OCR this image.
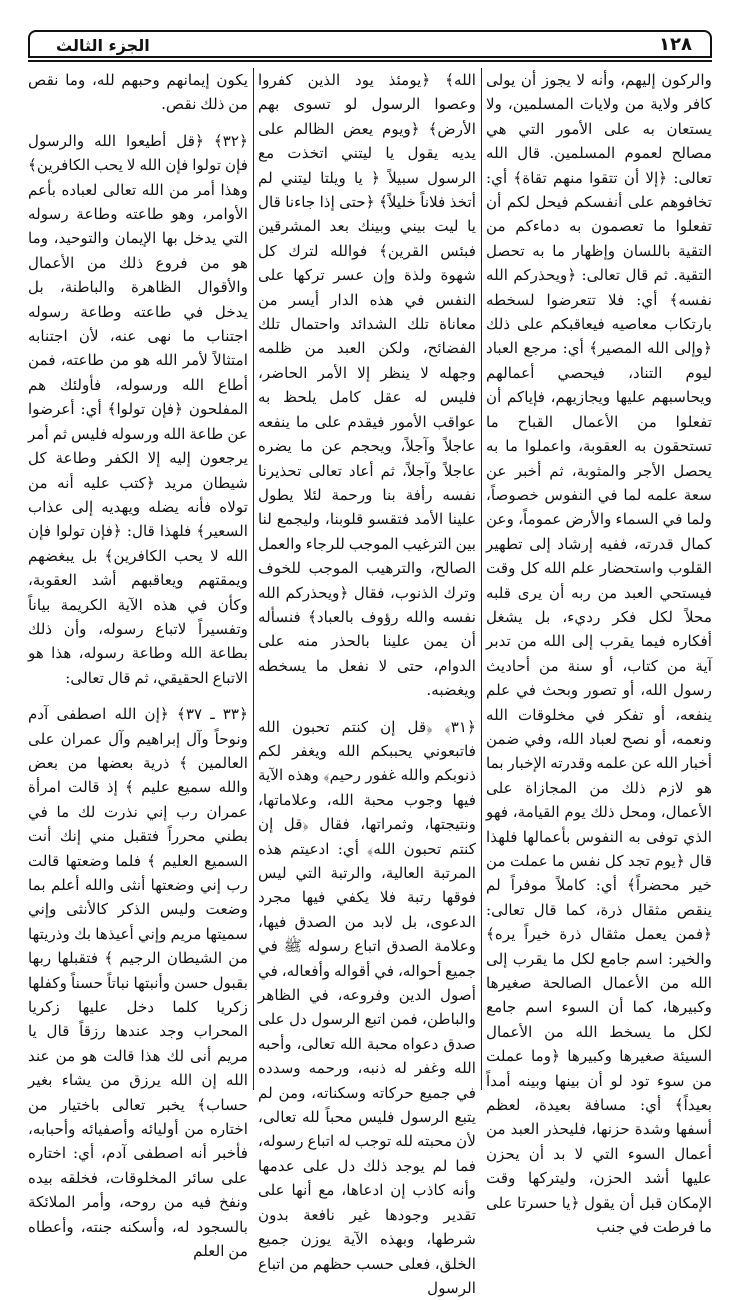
١٢٨
الجزء الثالث

والركون إليهم، وأنه لا يجوز أن يولى كافر ولاية من ولايات المسلمين، ولا يستعان به على الأمور التي هي مصالح لعموم المسلمين. قال الله تعالى: ﴿إلا أن تتقوا منهم تقاة﴾ أي: تخافوهم على أنفسكم فيحل لكم أن تفعلوا ما تعصمون به دماءكم من التقية باللسان وإظهار ما به تحصل التقية. ثم قال تعالى: ﴿ويحذركم الله نفسه﴾ أي: فلا تتعرضوا لسخطه بارتكاب معاصيه فيعاقبكم على ذلك ﴿وإلى الله المصير﴾ أي: مرجع العباد ليوم التناد، فيحصي أعمالهم ويحاسبهم عليها ويجازيهم، فإياكم أن تفعلوا من الأعمال القباح ما تستحقون به العقوبة، واعملوا ما به يحصل الأجر والمثوبة، ثم أخبر عن سعة علمه لما في النفوس خصوصاً، ولما في السماء والأرض عموماً، وعن كمال قدرته، ففيه إرشاد إلى تطهير القلوب واستحضار علم الله كل وقت فيستحي العبد من ربه أن يرى قلبه محلاً لكل فكر رديء، بل يشغل أفكاره فيما يقرب إلى الله من تدبر آية من كتاب، أو سنة من أحاديث رسول الله، أو تصور وبحث في علم ينفعه، أو تفكر في مخلوقات الله ونعمه، أو نصح لعباد الله، وفي ضمن أخبار الله عن علمه وقدرته الإخبار بما هو لازم ذلك من المجازاة على الأعمال، ومحل ذلك يوم القيامة، فهو الذي توفى به النفوس بأعمالها فلهذا قال ﴿يوم تجد كل نفس ما عملت من خير محضراً﴾ أي: كاملاً موفراً لم ينقص مثقال ذرة، كما قال تعالى: ﴿فمن يعمل مثقال ذرة خيراً يره﴾ والخير: اسم جامع لكل ما يقرب إلى الله من الأعمال الصالحة صغيرها وكبيرها، كما أن السوء اسم جامع لكل ما يسخط الله من الأعمال السيئة صغيرها وكبيرها ﴿وما عملت من سوء تود لو أن بينها وبينه أمداً بعيداً﴾ أي: مسافة بعيدة، لعظم أسفها وشدة حزنها، فليحذر العبد من أعمال السوء التي لا بد أن يحزن عليها أشد الحزن، وليتركها وقت الإمكان قبل أن يقول ﴿يا حسرتا على ما فرطت في جنب

الله﴾ ﴿يومئذ يود الذين كفروا وعصوا الرسول لو تسوى بهم الأرض﴾ ﴿ويوم يعض الظالم على يديه يقول يا ليتني اتخذت مع الرسول سبيلاً ﴿ يا ويلتا ليتني لم أتخذ فلاناً خليلاً﴾ ﴿حتى إذا جاءنا قال يا ليت بيني وبينك بعد المشرقين فبئس القرين﴾ فوالله لترك كل شهوة ولذة وإن عسر تركها على النفس في هذه الدار أيسر من معاناة تلك الشدائد واحتمال تلك الفضائح، ولكن العبد من ظلمه وجهله لا ينظر إلا الأمر الحاضر، فليس له عقل كامل يلحظ به عواقب الأمور فيقدم على ما ينفعه عاجلاً وآجلاً، ويحجم عن ما يضره عاجلاً وآجلاً، ثم أعاد تعالى تحذيرنا نفسه رأفة بنا ورحمة لئلا يطول علينا الأمد فتقسو قلوبنا، وليجمع لنا بين الترغيب الموجب للرجاء والعمل الصالح، والترهيب الموجب للخوف وترك الذنوب، فقال ﴿ويحذركم الله نفسه والله رؤوف بالعباد﴾ فنسأله أن يمن علينا بالحذر منه على الدوام، حتى لا نفعل ما يسخطه ويغضبه.

﴿٣١﴾ ﴿قل إن كنتم تحبون الله فاتبعوني يحببكم الله ويغفر لكم ذنوبكم والله غفور رحيم﴾ وهذه الآية فيها وجوب محبة الله، وعلاماتها، ونتيجتها، وثمراتها، فقال ﴿قل إن كنتم تحبون الله﴾ أي: ادعيتم هذه المرتبة العالية، والرتبة التي ليس فوقها رتبة فلا يكفي فيها مجرد الدعوى، بل لابد من الصدق فيها، وعلامة الصدق اتباع رسوله ﷺ في جميع أحواله، في أقواله وأفعاله، في أصول الدين وفروعه، في الظاهر والباطن، فمن اتبع الرسول دل على صدق دعواه محبة الله تعالى، وأحبه الله وغفر له ذنبه، ورحمه وسدده في جميع حركاته وسكناته، ومن لم يتبع الرسول فليس محباً لله تعالى، لأن محبته لله توجب له اتباع رسوله، فما لم يوجد ذلك دل على عدمها وأنه كاذب إن ادعاها، مع أنها على تقدير وجودها غير نافعة بدون شرطها، وبهذه الآية يوزن جميع الخلق، فعلى حسب حظهم من اتباع الرسول

يكون إيمانهم وحبهم لله، وما نقص من ذلك نقص.

﴿٣٢﴾ ﴿قل أطيعوا الله والرسول فإن تولوا فإن الله لا يحب الكافرين﴾ وهذا أمر من الله تعالى لعباده بأعم الأوامر، وهو طاعته وطاعة رسوله التي يدخل بها الإيمان والتوحيد، وما هو من فروع ذلك من الأعمال والأقوال الظاهرة والباطنة، بل يدخل في طاعته وطاعة رسوله اجتناب ما نهى عنه، لأن اجتنابه امتثالاً لأمر الله هو من طاعته، فمن أطاع الله ورسوله، فأولئك هم المفلحون ﴿فإن تولوا﴾ أي: أعرضوا عن طاعة الله ورسوله فليس ثم أمر يرجعون إليه إلا الكفر وطاعة كل شيطان مريد ﴿كتب عليه أنه من تولاه فأنه يضله ويهديه إلى عذاب السعير﴾ فلهذا قال: ﴿فإن تولوا فإن الله لا يحب الكافرين﴾ بل يبغضهم ويمقتهم ويعاقبهم أشد العقوبة، وكأن في هذه الآية الكريمة بياناً وتفسيراً لاتباع رسوله، وأن ذلك بطاعة الله وطاعة رسوله، هذا هو الاتباع الحقيقي، ثم قال تعالى:

﴿٣٣ ـ ٣٧﴾ ﴿إن الله اصطفى آدم ونوحاً وآل إبراهيم وآل عمران على العالمين ﴾ ذرية بعضها من بعض والله سميع عليم ﴾ إذ قالت امرأة عمران رب إني نذرت لك ما في بطني محرراً فتقبل مني إنك أنت السميع العليم ﴾ فلما وضعتها قالت رب إني وضعتها أنثى والله أعلم بما وضعت وليس الذكر كالأنثى وإني سميتها مريم وإني أعيذها بك وذريتها من الشيطان الرجيم ﴾ فتقبلها ربها بقبول حسن وأنبتها نباتاً حسناً وكفلها زكريا كلما دخل عليها زكريا المحراب وجد عندها رزقاً قال يا مريم أنى لك هذا قالت هو من عند الله إن الله يرزق من يشاء بغير حساب﴾ يخبر تعالى باختيار من اختاره من أوليائه وأصفيائه وأحبابه، فأخبر أنه اصطفى آدم، أي: اختاره على سائر المخلوقات، فخلقه بيده ونفخ فيه من روحه، وأمر الملائكة بالسجود له، وأسكنه جنته، وأعطاه من العلم
